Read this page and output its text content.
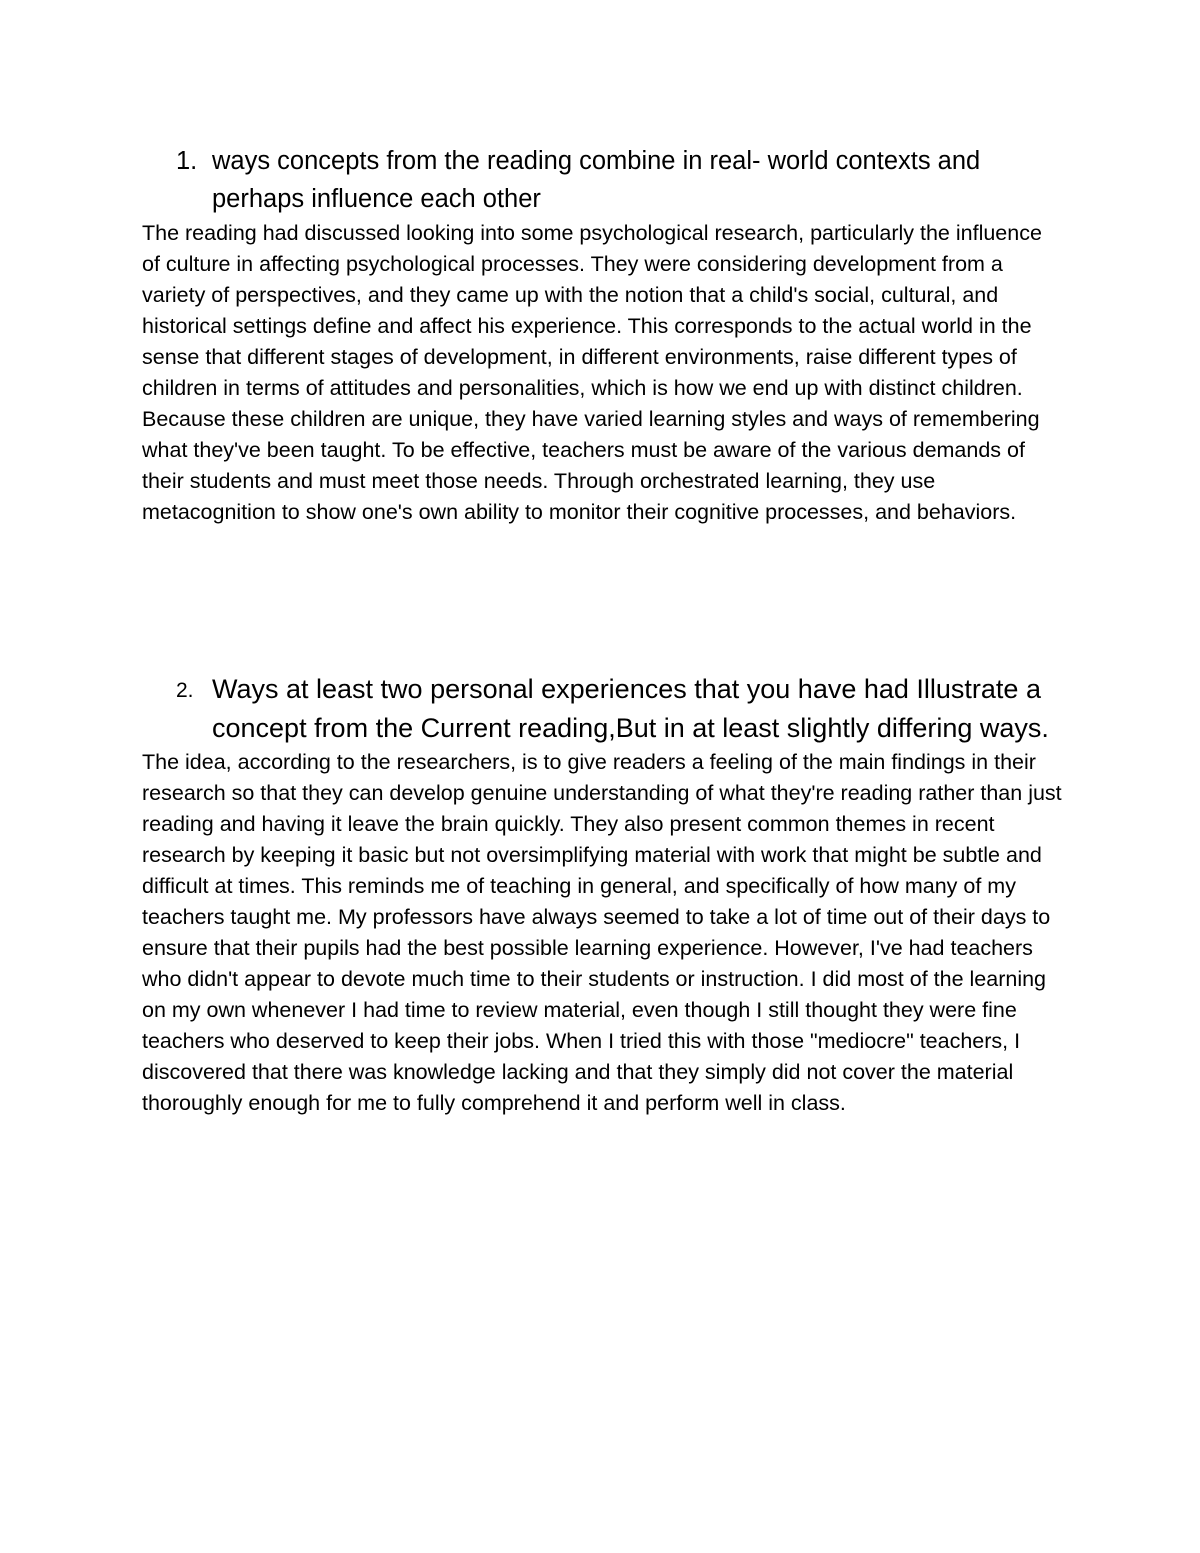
1. ways concepts from the reading combine in real- world contexts and perhaps influence each other

The reading had discussed looking into some psychological research, particularly the influence of culture in affecting psychological processes. They were considering development from a variety of perspectives, and they came up with the notion that a child's social, cultural, and historical settings define and affect his experience. This corresponds to the actual world in the sense that different stages of development, in different environments, raise different types of children in terms of attitudes and personalities, which is how we end up with distinct children. Because these children are unique, they have varied learning styles and ways of remembering what they've been taught. To be effective, teachers must be aware of the various demands of their students and must meet those needs. Through orchestrated learning, they use metacognition to show one's own ability to monitor their cognitive processes, and behaviors.

2. Ways at least two personal experiences that you have had Illustrate a concept from the Current reading,But in at least slightly differing ways.

The idea, according to the researchers, is to give readers a feeling of the main findings in their research so that they can develop genuine understanding of what they're reading rather than just reading and having it leave the brain quickly. They also present common themes in recent research by keeping it basic but not oversimplifying material with work that might be subtle and difficult at times. This reminds me of teaching in general, and specifically of how many of my teachers taught me. My professors have always seemed to take a lot of time out of their days to ensure that their pupils had the best possible learning experience. However, I've had teachers who didn't appear to devote much time to their students or instruction. I did most of the learning on my own whenever I had time to review material, even though I still thought they were fine teachers who deserved to keep their jobs. When I tried this with those "mediocre" teachers, I discovered that there was knowledge lacking and that they simply did not cover the material thoroughly enough for me to fully comprehend it and perform well in class.
